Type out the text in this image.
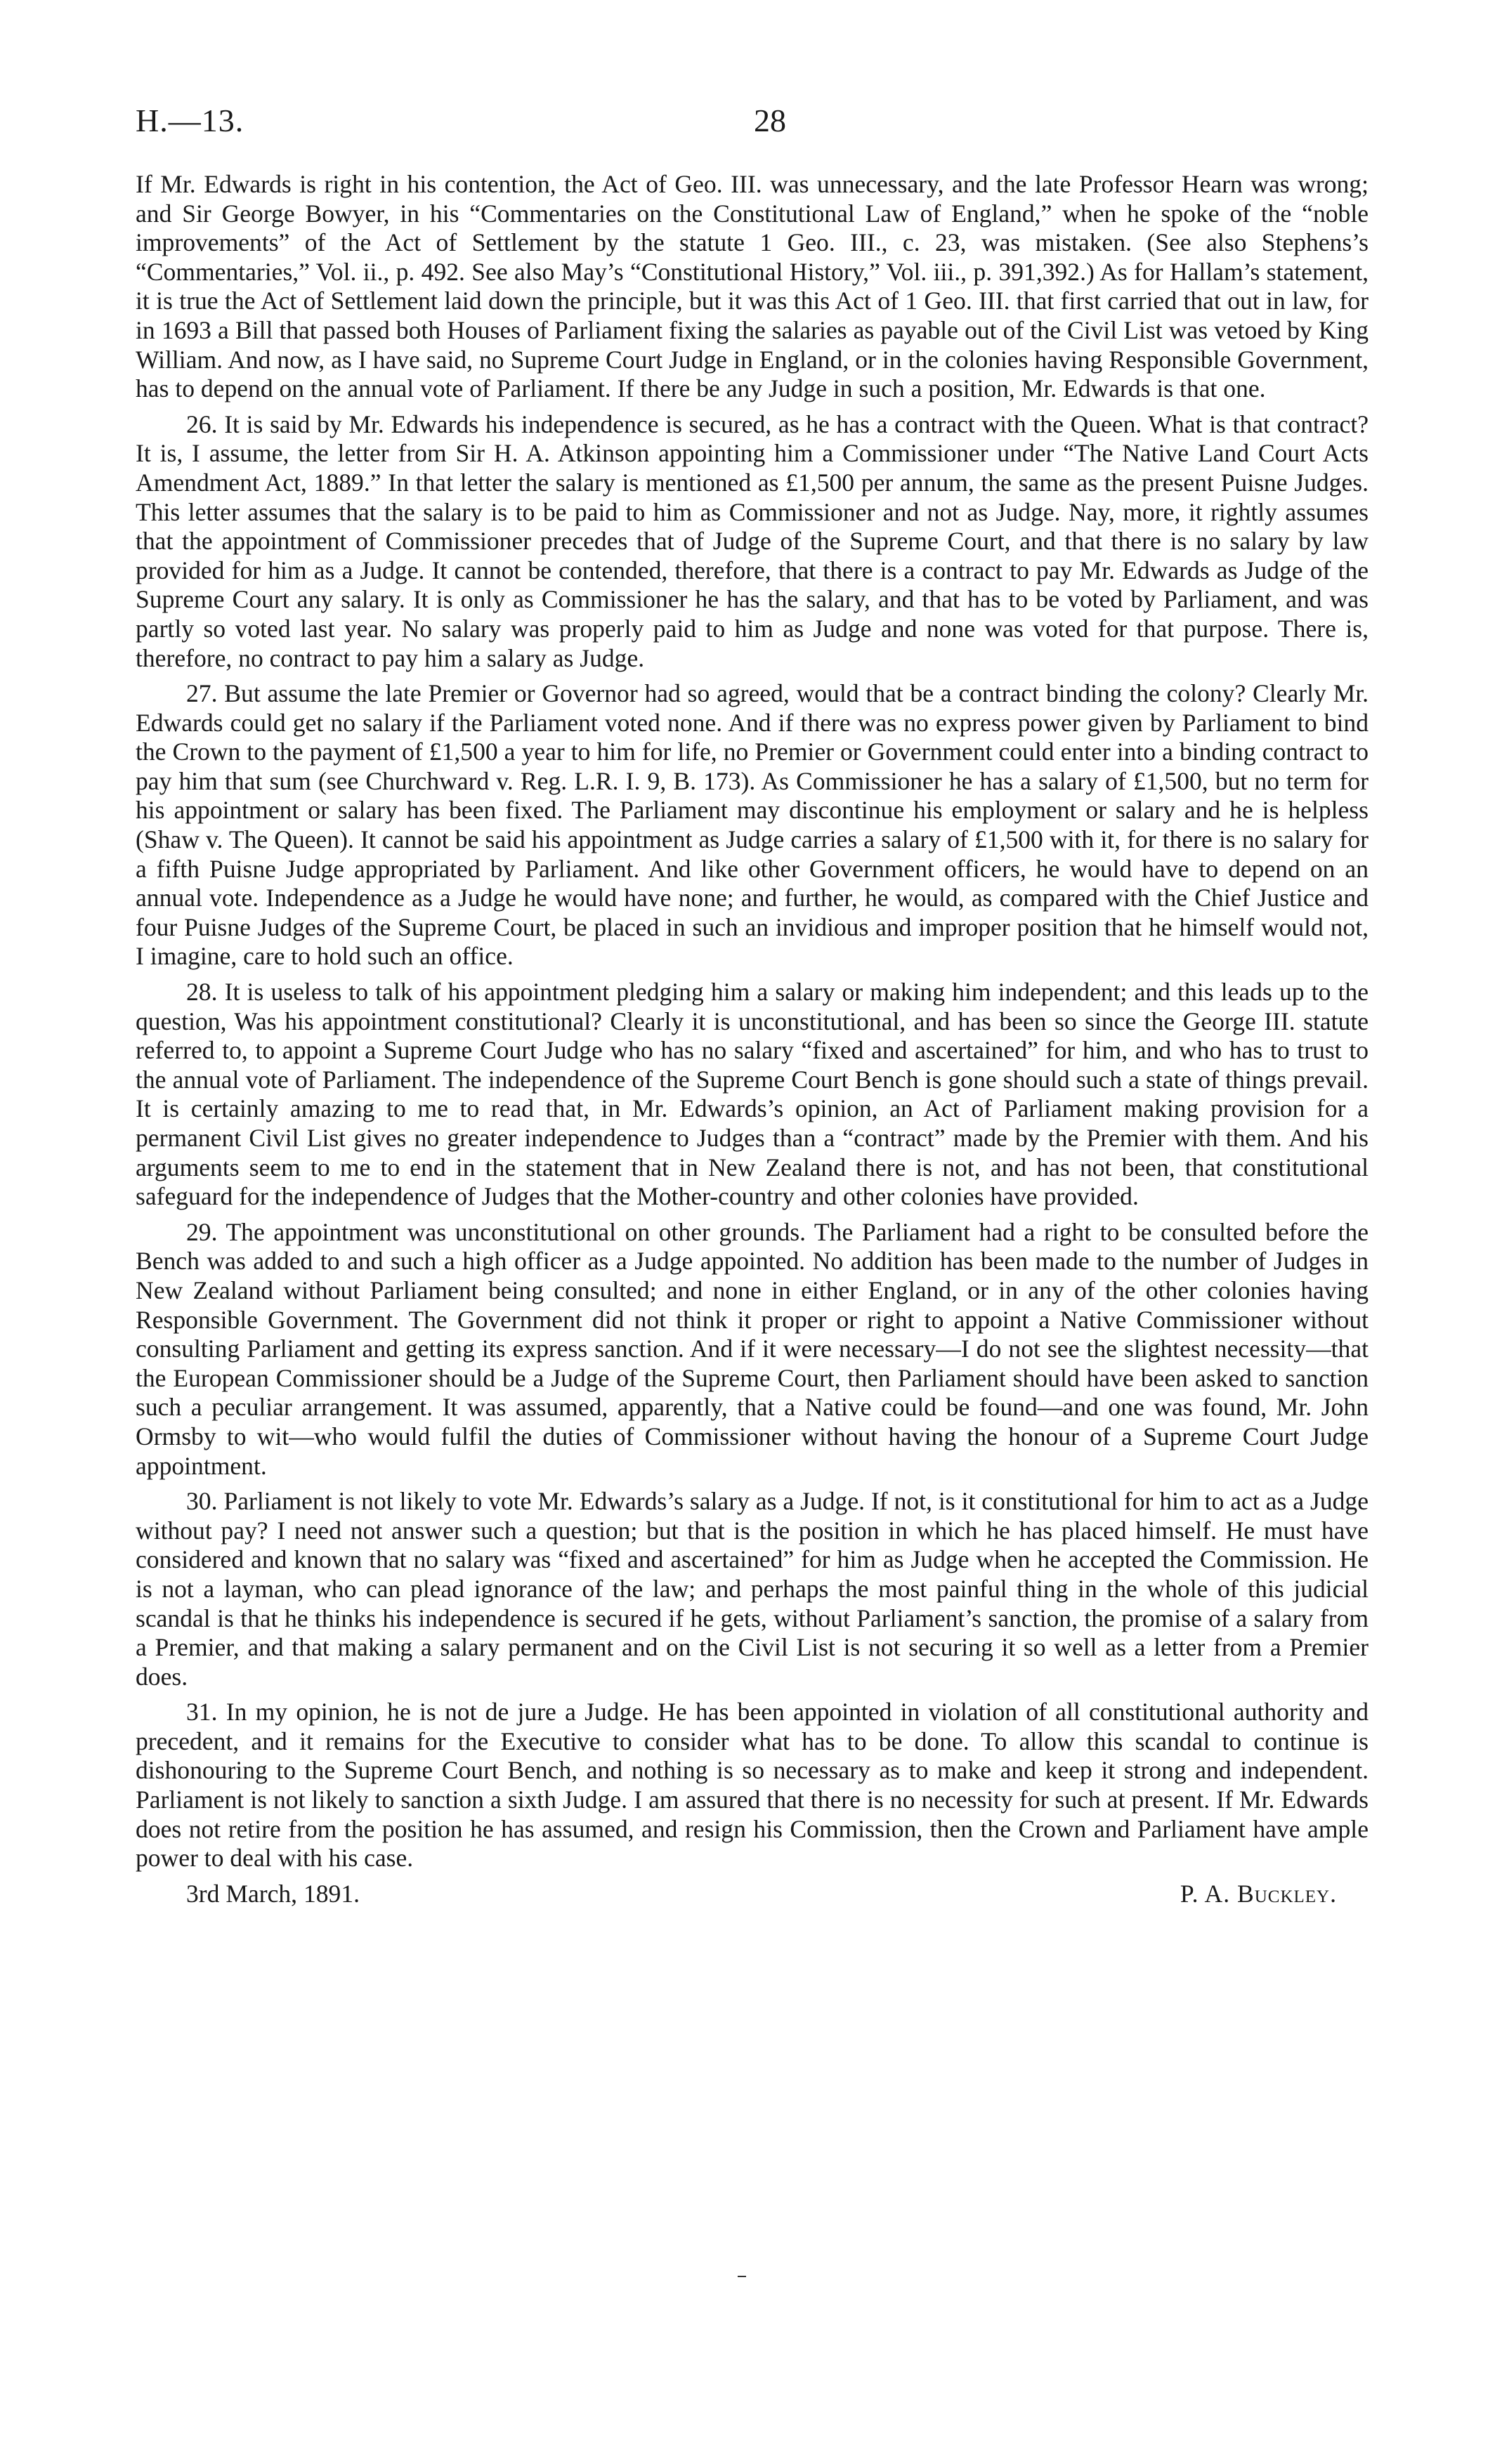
H.—13.	28

If Mr. Edwards is right in his contention, the Act of Geo. III. was unnecessary, and the late Professor Hearn was wrong; and Sir George Bowyer, in his “Commentaries on the Constitutional Law of England,” when he spoke of the “noble improvements” of the Act of Settlement by the statute 1 Geo. III., c. 23, was mistaken. (See also Stephens’s “Commentaries,” Vol. ii., p. 492. See also May’s “Constitutional History,” Vol. iii., p. 391,392.) As for Hallam’s statement, it is true the Act of Settlement laid down the principle, but it was this Act of 1 Geo. III. that first carried that out in law, for in 1693 a Bill that passed both Houses of Parliament fixing the salaries as payable out of the Civil List was vetoed by King William. And now, as I have said, no Supreme Court Judge in England, or in the colonies having Responsible Government, has to depend on the annual vote of Parliament. If there be any Judge in such a position, Mr. Edwards is that one.

26. It is said by Mr. Edwards his independence is secured, as he has a contract with the Queen. What is that contract? It is, I assume, the letter from Sir H. A. Atkinson appointing him a Commissioner under “The Native Land Court Acts Amendment Act, 1889.” In that letter the salary is mentioned as £1,500 per annum, the same as the present Puisne Judges. This letter assumes that the salary is to be paid to him as Commissioner and not as Judge. Nay, more, it rightly assumes that the appointment of Commissioner precedes that of Judge of the Supreme Court, and that there is no salary by law provided for him as a Judge. It cannot be contended, therefore, that there is a contract to pay Mr. Edwards as Judge of the Supreme Court any salary. It is only as Commissioner he has the salary, and that has to be voted by Parliament, and was partly so voted last year. No salary was properly paid to him as Judge and none was voted for that purpose. There is, therefore, no contract to pay him a salary as Judge.

27. But assume the late Premier or Governor had so agreed, would that be a contract binding the colony? Clearly Mr. Edwards could get no salary if the Parliament voted none. And if there was no express power given by Parliament to bind the Crown to the payment of £1,500 a year to him for life, no Premier or Government could enter into a binding contract to pay him that sum (see Churchward v. Reg. L.R. I. 9, B. 173). As Commissioner he has a salary of £1,500, but no term for his appointment or salary has been fixed. The Parliament may discontinue his employment or salary and he is helpless (Shaw v. The Queen). It cannot be said his appointment as Judge carries a salary of £1,500 with it, for there is no salary for a fifth Puisne Judge appropriated by Parliament. And like other Government officers, he would have to depend on an annual vote. Independence as a Judge he would have none; and further, he would, as compared with the Chief Justice and four Puisne Judges of the Supreme Court, be placed in such an invidious and improper position that he himself would not, I imagine, care to hold such an office.

28. It is useless to talk of his appointment pledging him a salary or making him independent; and this leads up to the question, Was his appointment constitutional? Clearly it is unconstitutional, and has been so since the George III. statute referred to, to appoint a Supreme Court Judge who has no salary “fixed and ascertained” for him, and who has to trust to the annual vote of Parliament. The independence of the Supreme Court Bench is gone should such a state of things prevail. It is certainly amazing to me to read that, in Mr. Edwards’s opinion, an Act of Parliament making provision for a permanent Civil List gives no greater independence to Judges than a “contract” made by the Premier with them. And his arguments seem to me to end in the statement that in New Zealand there is not, and has not been, that constitutional safeguard for the independence of Judges that the Mother-country and other colonies have provided.

29. The appointment was unconstitutional on other grounds. The Parliament had a right to be consulted before the Bench was added to and such a high officer as a Judge appointed. No addition has been made to the number of Judges in New Zealand without Parliament being consulted; and none in either England, or in any of the other colonies having Responsible Government. The Government did not think it proper or right to appoint a Native Commissioner without consulting Parliament and getting its express sanction. And if it were necessary—I do not see the slightest necessity—that the European Commissioner should be a Judge of the Supreme Court, then Parliament should have been asked to sanction such a peculiar arrangement. It was assumed, apparently, that a Native could be found—and one was found, Mr. John Ormsby to wit—who would fulfil the duties of Commissioner without having the honour of a Supreme Court Judge appointment.

30. Parliament is not likely to vote Mr. Edwards’s salary as a Judge. If not, is it constitutional for him to act as a Judge without pay? I need not answer such a question; but that is the position in which he has placed himself. He must have considered and known that no salary was “fixed and ascertained” for him as Judge when he accepted the Commission. He is not a layman, who can plead ignorance of the law; and perhaps the most painful thing in the whole of this judicial scandal is that he thinks his independence is secured if he gets, without Parliament’s sanction, the promise of a salary from a Premier, and that making a salary permanent and on the Civil List is not securing it so well as a letter from a Premier does.

31. In my opinion, he is not de jure a Judge. He has been appointed in violation of all constitutional authority and precedent, and it remains for the Executive to consider what has to be done. To allow this scandal to continue is dishonouring to the Supreme Court Bench, and nothing is so necessary as to make and keep it strong and independent. Parliament is not likely to sanction a sixth Judge. I am assured that there is no necessity for such at present. If Mr. Edwards does not retire from the position he has assumed, and resign his Commission, then the Crown and Parliament have ample power to deal with his case.

3rd March, 1891.	P. A. Buckley.
